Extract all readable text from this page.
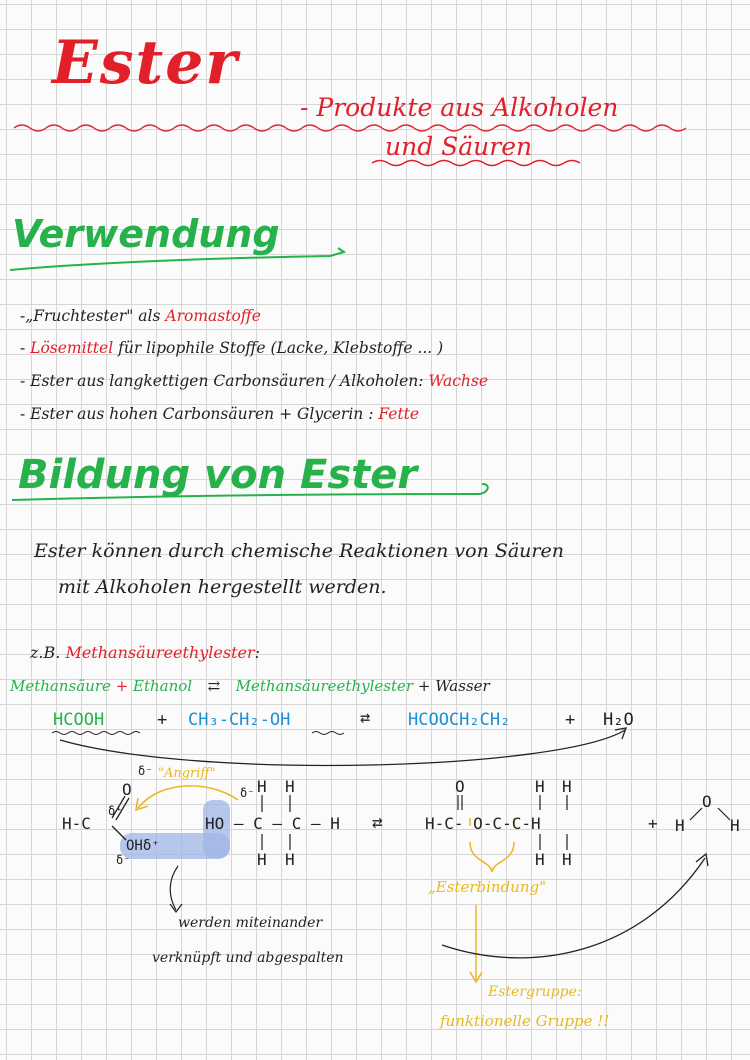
Ester
- Produkte aus Alkoholen
und Säuren
Verwendung
-„Fruchtester" als Aromastoffe
- Lösemittel für lipophile Stoffe (Lacke, Klebstoffe ... )
- Ester aus langkettigen Carbonsäuren / Alkoholen: Wachse
- Ester aus hohen Carbonsäuren + Glycerin : Fette
Bildung von Ester
Ester können durch chemische Reaktionen von Säuren
mit Alkoholen hergestellt werden.
z.B. Methansäureethylester:
Methansäure + Ethanol ⇄ Methansäureethylester + Wasser
HCOOH	+ CH₃-CH₂-OH	⇄ HCOOCH₂CH₂	+ H₂O
O
δ⁻
H-C
δ⁺
OHδ⁺
δ⁻
"Angriff"
δ⁻ H H
HO – C – C – H
H H
⇄
O	H H
H-C- O-C-C-H
H H
+ H
O
H
„Esterbindung"
werden miteinander
verknüpft und abgespalten
Estergruppe:
funktionelle Gruppe !!
